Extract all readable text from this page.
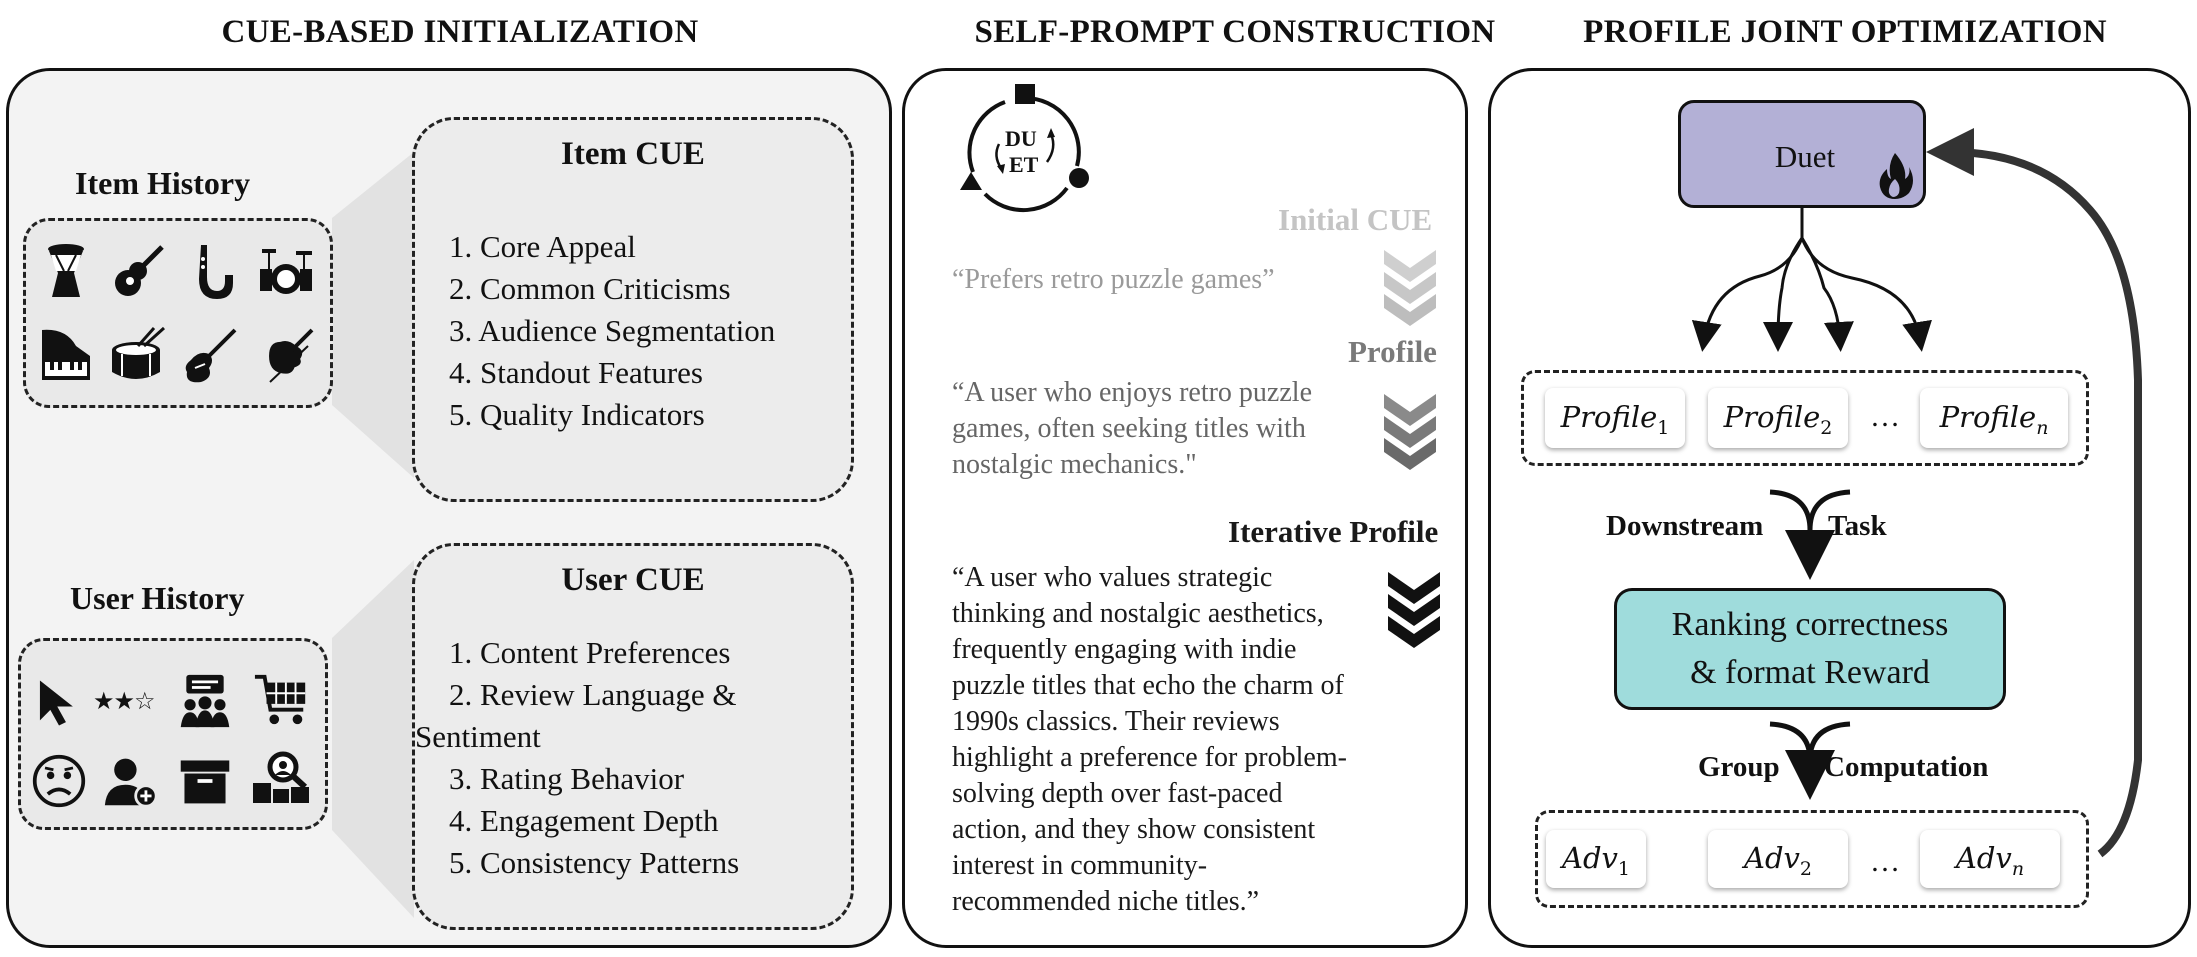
CUE-BASED INITIALIZATION	SELF-PROMPT CONSTRUCTION	PROFILE JOINT OPTIMIZATION
Item History
Item CUE
1. Core Appeal
2. Common Criticisms
3. Audience Segmentation
4. Standout Features
5. Quality Indicators
User History
★★☆
User CUE
1. Content Preferences
2. Review Language &
Sentiment
3. Rating Behavior
4. Engagement Depth
5. Consistency Patterns
DU
ET
Initial CUE
“Prefers retro puzzle games”
Profile
“A user who enjoys retro puzzle games, often seeking titles with nostalgic mechanics."
Iterative Profile
“A user who values strategic thinking and nostalgic aesthetics, frequently engaging with indie puzzle titles that echo the charm of 1990s classics. Their reviews highlight a preference for problem-solving depth over fast-paced action, and they show consistent interest in community-recommended niche titles.”
Duet
Profile$_1$	Profile$_2$	…	Profile$_n$
Downstream Task
Ranking correctness
& format Reward
Group Computation
Adv$_1$	Adv$_2$	…	Adv$_n$
